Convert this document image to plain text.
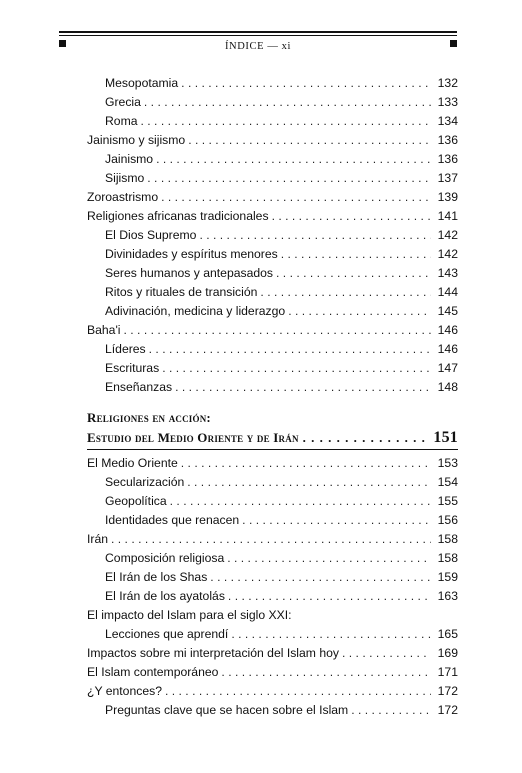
ÍNDICE — xi
Mesopotamia . . .	132
Grecia . . .	133
Roma . . .	134
Jainismo y sijismo . . .	136
Jainismo . . .	136
Sijismo . . .	137
Zoroastrismo . . .	139
Religiones africanas tradicionales . . .	141
El Dios Supremo . . .	142
Divinidades y espíritus menores . . .	142
Seres humanos y antepasados . . .	143
Ritos y rituales de transición . . .	144
Adivinación, medicina y liderazgo . . .	145
Baha'i . . .	146
Líderes . . .	146
Escrituras . . .	147
Enseñanzas . . .	148
Religiones en acción:
Estudio del Medio Oriente y de Irán . . .	151
El Medio Oriente . . .	153
Secularización . . .	154
Geopolítica . . .	155
Identidades que renacen . . .	156
Irán . . .	158
Composición religiosa . . .	158
El Irán de los Shas . . .	159
El Irán de los ayatolás . . .	163
El impacto del Islam para el siglo XXI:
Lecciones que aprendí . . .	165
Impactos sobre mi interpretación del Islam hoy . . .	169
El Islam contemporáneo . . .	171
¿Y entonces? . . .	172
Preguntas clave que se hacen sobre el Islam . . .	172
